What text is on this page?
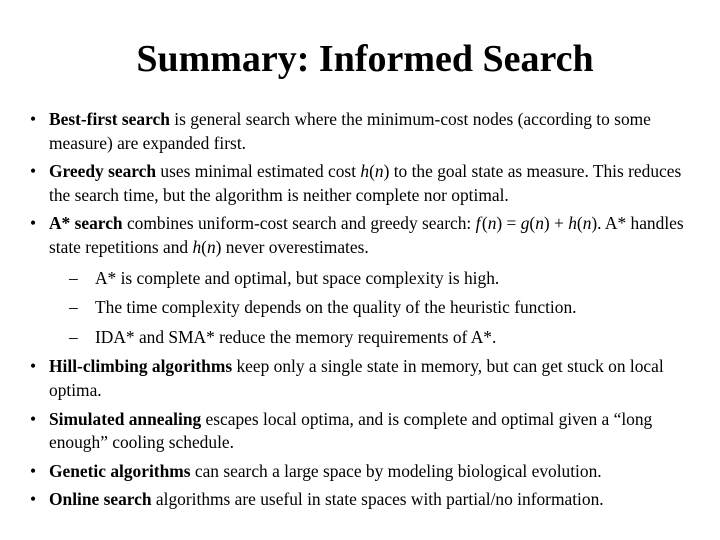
Summary: Informed Search
• Best-first search is general search where the minimum-cost nodes (according to some measure) are expanded first.
• Greedy search uses minimal estimated cost h(n) to the goal state as measure. This reduces the search time, but the algorithm is neither complete nor optimal.
• A* search combines uniform-cost search and greedy search: f (n) = g(n) + h(n). A* handles state repetitions and h(n) never overestimates.
– A* is complete and optimal, but space complexity is high.
– The time complexity depends on the quality of the heuristic function.
– IDA* and SMA* reduce the memory requirements of A*.
• Hill-climbing algorithms keep only a single state in memory, but can get stuck on local optima.
• Simulated annealing escapes local optima, and is complete and optimal given a “long enough” cooling schedule.
• Genetic algorithms can search a large space by modeling biological evolution.
• Online search algorithms are useful in state spaces with partial/no information.
